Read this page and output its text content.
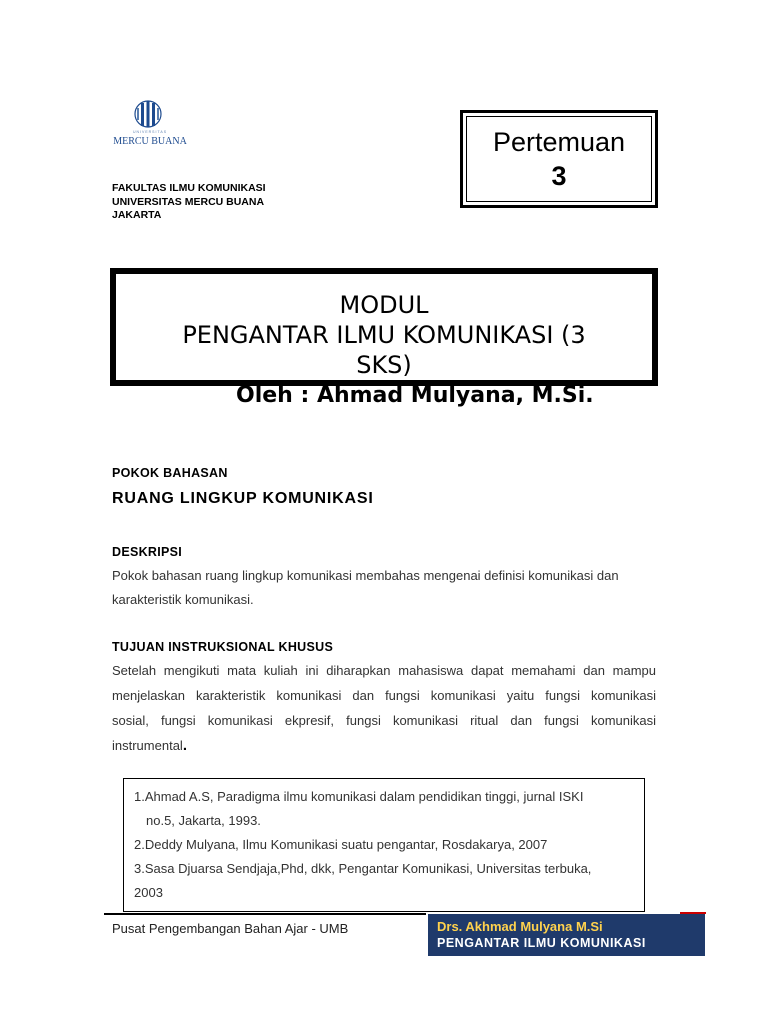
UNIVERSITAS
MERCU BUANA
FAKULTAS ILMU KOMUNIKASI
UNIVERSITAS MERCU BUANA
JAKARTA
Pertemuan
3
MODUL
PENGANTAR ILMU KOMUNIKASI (3
SKS)
Oleh : Ahmad Mulyana, M.Si.
POKOK BAHASAN
RUANG LINGKUP KOMUNIKASI
DESKRIPSI
Pokok bahasan ruang lingkup komunikasi membahas mengenai definisi komunikasi dan
karakteristik komunikasi.
TUJUAN INSTRUKSIONAL KHUSUS
Setelah mengikuti mata kuliah ini diharapkan mahasiswa dapat memahami dan mampu
menjelaskan karakteristik komunikasi dan fungsi komunikasi yaitu fungsi komunikasi
sosial, fungsi komunikasi ekpresif, fungsi komunikasi ritual dan fungsi komunikasi
instrumental.
1.Ahmad A.S, Paradigma ilmu komunikasi dalam pendidikan tinggi, jurnal ISKI
no.5, Jakarta, 1993.
2.Deddy Mulyana, Ilmu Komunikasi suatu pengantar, Rosdakarya, 2007
3.Sasa Djuarsa Sendjaja,Phd, dkk, Pengantar Komunikasi, Universitas terbuka,
2003
Pusat Pengembangan Bahan Ajar - UMB	Drs. Akhmad Mulyana M.Si
PENGANTAR ILMU KOMUNIKASI
